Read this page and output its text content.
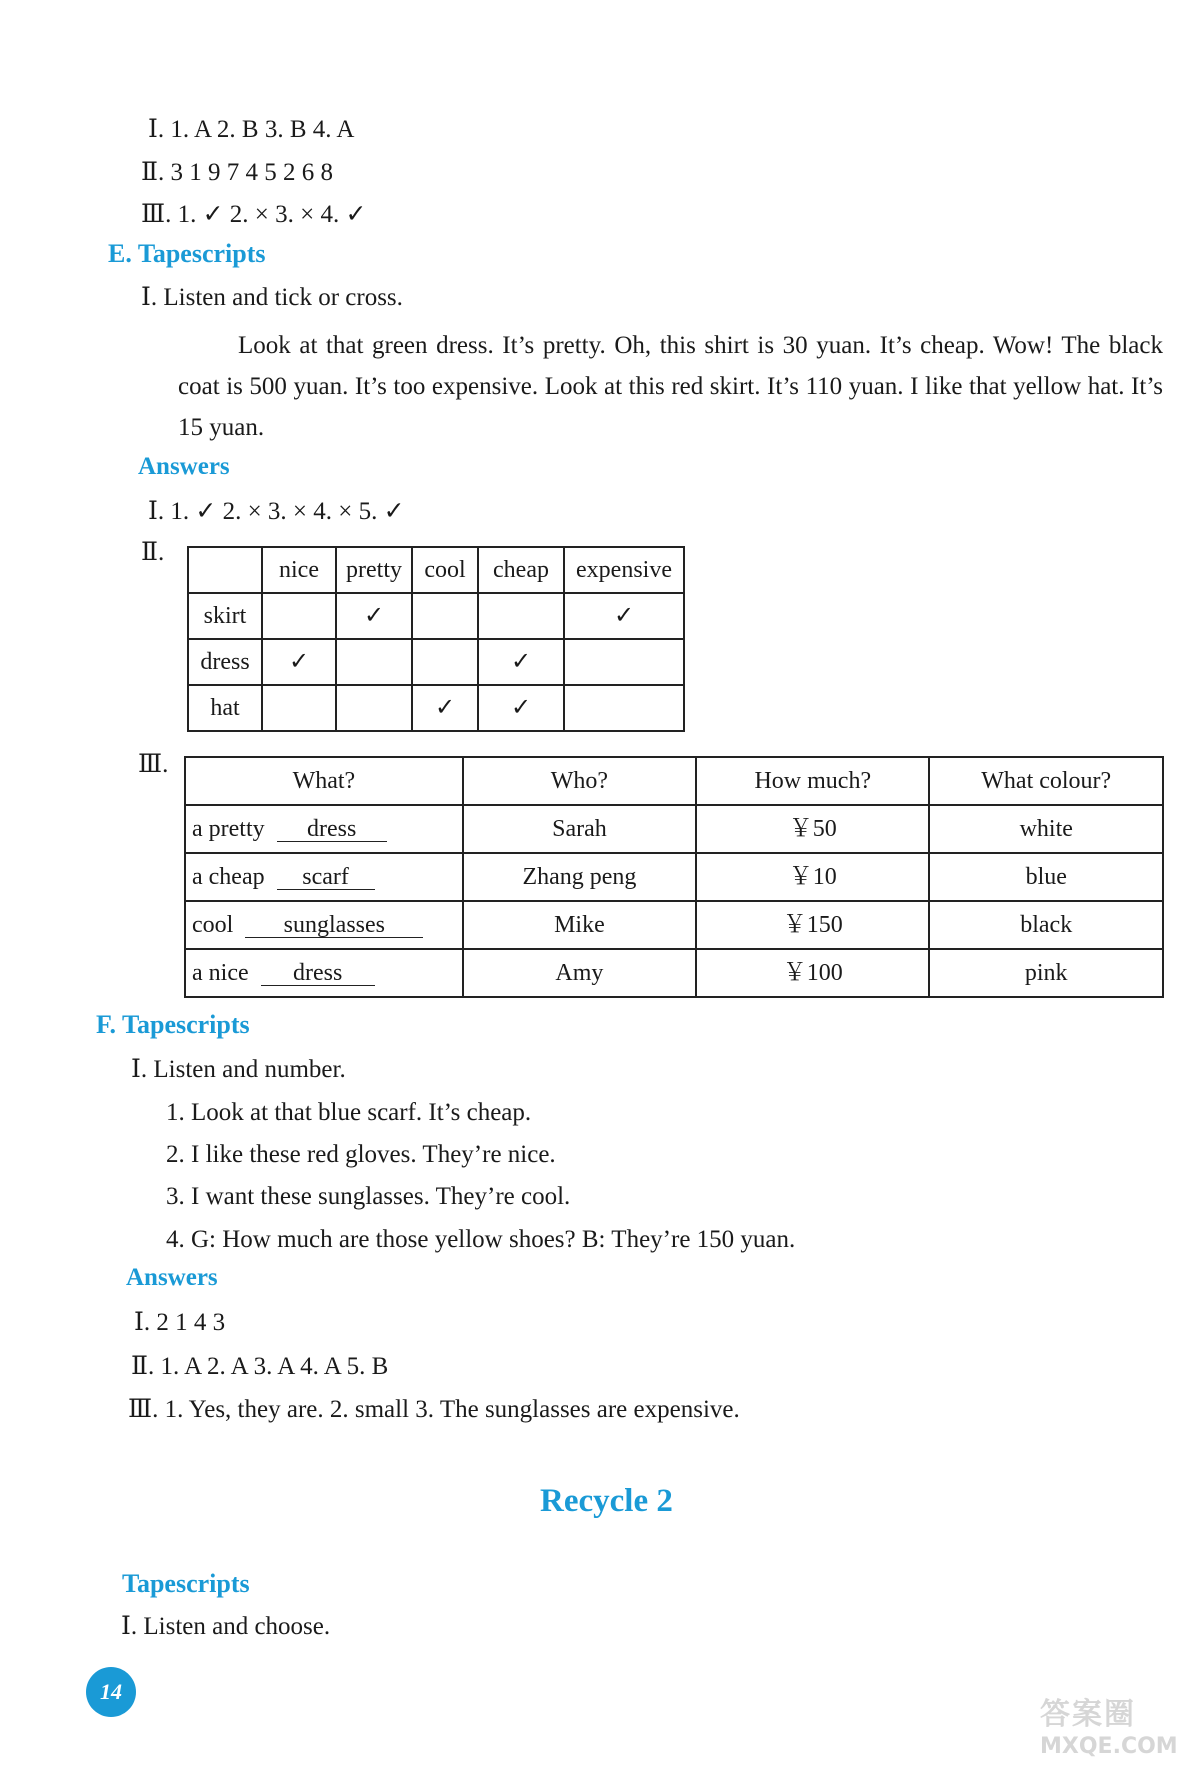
Ⅰ. 1. A 2. B 3. B 4. A
Ⅱ. 3 1 9 7 4 5 2 6 8
Ⅲ. 1. ✓ 2. × 3. × 4. ✓
E. Tapescripts
Ⅰ. Listen and tick or cross.
Look at that green dress. It’s pretty. Oh, this shirt is 30 yuan. It’s cheap. Wow! The black coat is 500 yuan. It’s too expensive. Look at this red skirt. It’s 110 yuan. I like that yellow hat. It’s 15 yuan.
Answers
Ⅰ. 1. ✓ 2. × 3. × 4. × 5. ✓
Ⅱ.
	nice	pretty	cool	cheap	expensive
skirt		✓			✓
dress	✓			✓	
hat			✓	✓	
Ⅲ.
What?	Who?	How much?	What colour?
a pretty dress	Sarah	￥50	white
a cheap scarf	Zhang peng	￥10	blue
cool sunglasses	Mike	￥150	black
a nice dress	Amy	￥100	pink
F. Tapescripts
Ⅰ. Listen and number.
1. Look at that blue scarf. It’s cheap.
2. I like these red gloves. They’re nice.
3. I want these sunglasses. They’re cool.
4. G: How much are those yellow shoes? B: They’re 150 yuan.
Answers
Ⅰ. 2 1 4 3
Ⅱ. 1. A 2. A 3. A 4. A 5. B
Ⅲ. 1. Yes, they are. 2. small 3. The sunglasses are expensive.
Recycle 2
Tapescripts
Ⅰ. Listen and choose.
14
答案圈
MXQE.COM
